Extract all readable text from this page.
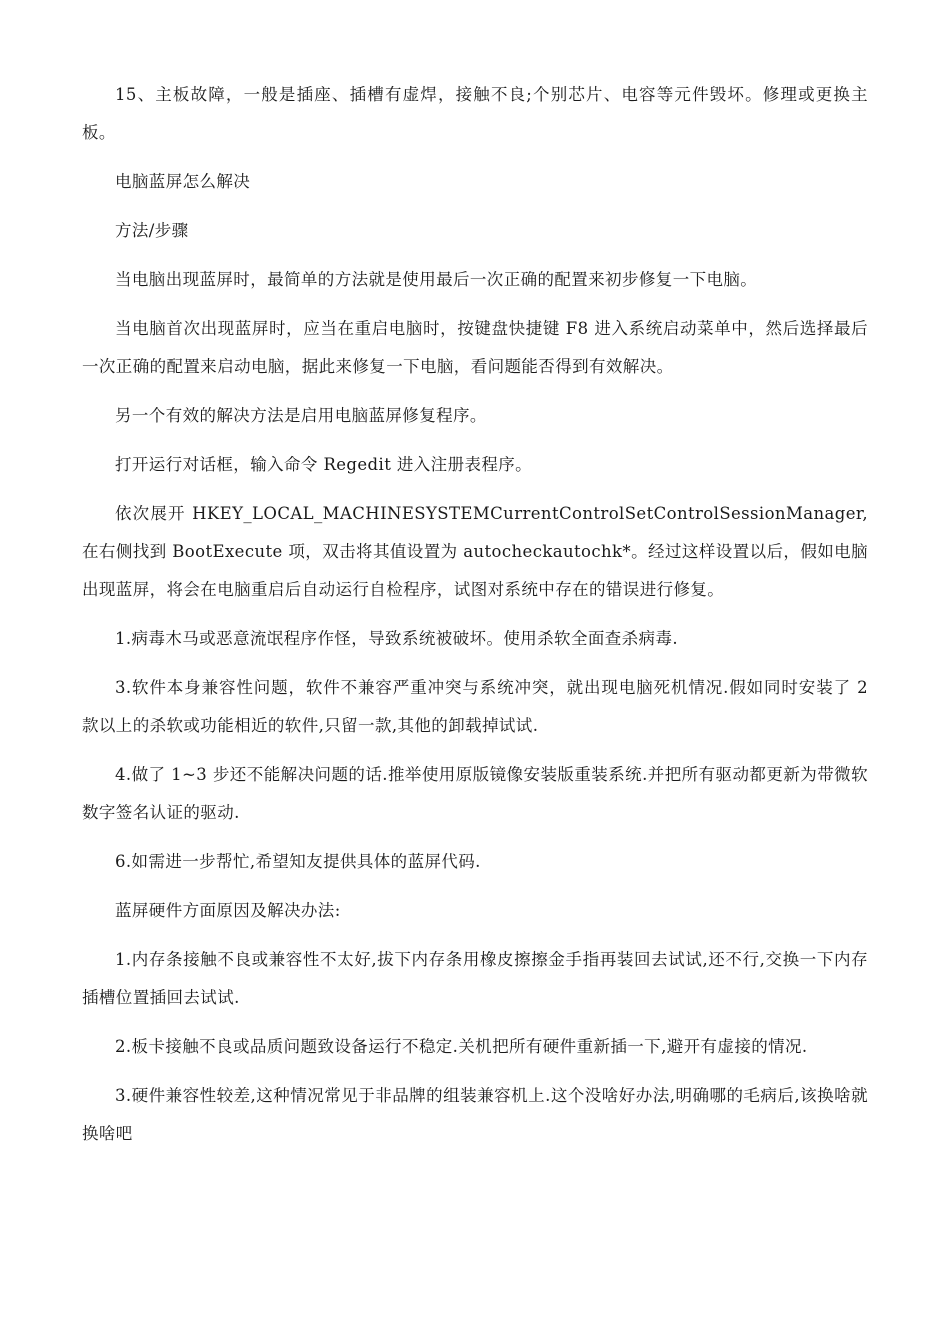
15、主板故障，一般是插座、插槽有虚焊，接触不良;个别芯片、电容等元件毁坏。修理或更换主板。

电脑蓝屏怎么解决

方法/步骤

当电脑出现蓝屏时，最简单的方法就是使用最后一次正确的配置来初步修复一下电脑。

当电脑首次出现蓝屏时，应当在重启电脑时，按键盘快捷键 F8 进入系统启动菜单中，然后选择最后一次正确的配置来启动电脑，据此来修复一下电脑，看问题能否得到有效解决。

另一个有效的解决方法是启用电脑蓝屏修复程序。

打开运行对话框，输入命令 Regedit 进入注册表程序。

依次展开 HKEY_LOCAL_MACHINESYSTEMCurrentControlSetControlSessionManager,在右侧找到 BootExecute 项，双击将其值设置为 autocheckautochk*。经过这样设置以后，假如电脑出现蓝屏，将会在电脑重启后自动运行自检程序，试图对系统中存在的错误进行修复。

1.病毒木马或恶意流氓程序作怪，导致系统被破坏。使用杀软全面查杀病毒.

3.软件本身兼容性问题，软件不兼容严重冲突与系统冲突，就出现电脑死机情况.假如同时安装了 2 款以上的杀软或功能相近的软件,只留一款,其他的卸载掉试试.

4.做了 1~3 步还不能解决问题的话.推举使用原版镜像安装版重装系统.并把所有驱动都更新为带微软数字签名认证的驱动.

6.如需进一步帮忙,希望知友提供具体的蓝屏代码.

蓝屏硬件方面原因及解决办法:

1.内存条接触不良或兼容性不太好,拔下内存条用橡皮擦擦金手指再装回去试试,还不行,交换一下内存插槽位置插回去试试.

2.板卡接触不良或品质问题致设备运行不稳定.关机把所有硬件重新插一下,避开有虚接的情况.

3.硬件兼容性较差,这种情况常见于非品牌的组装兼容机上.这个没啥好办法,明确哪的毛病后,该换啥就换啥吧
